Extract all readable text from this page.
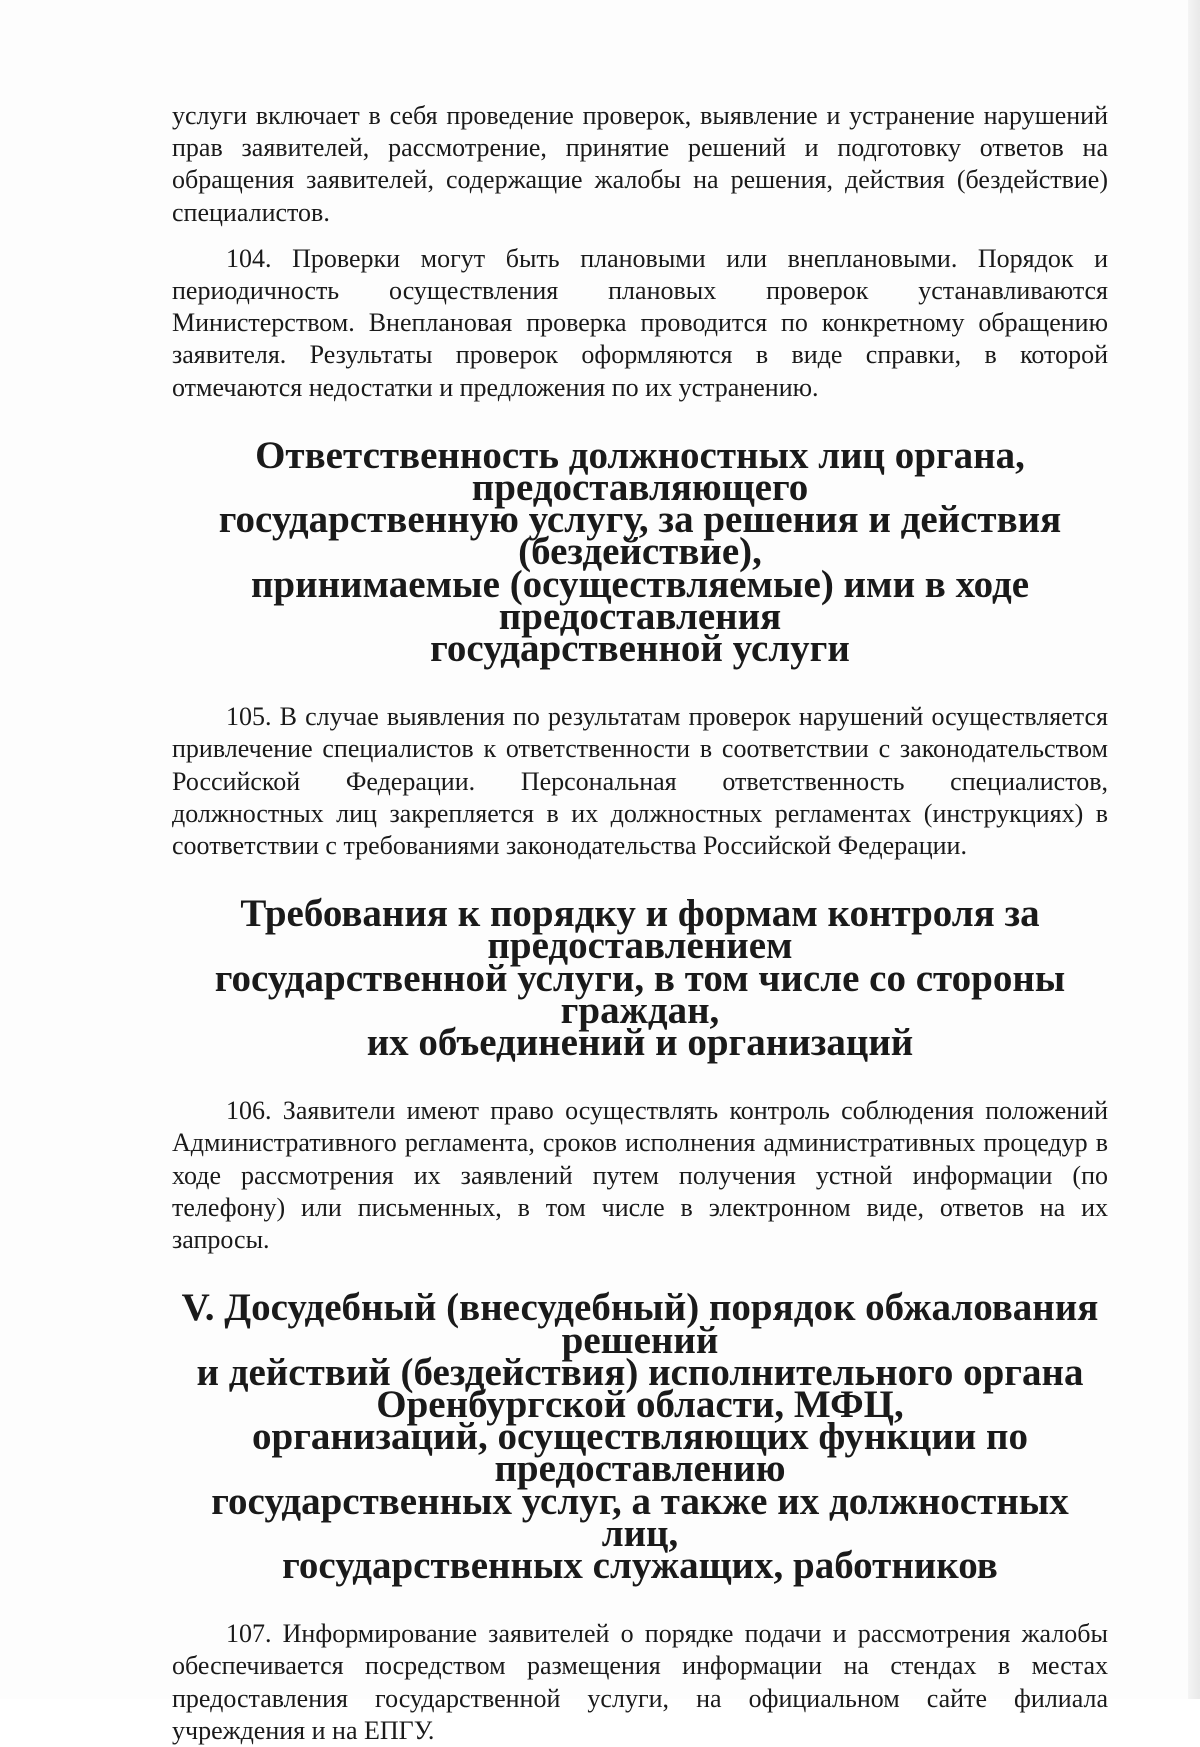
услуги включает в себя проведение проверок, выявление и устранение нарушений прав заявителей, рассмотрение, принятие решений и подготовку ответов на обращения заявителей, содержащие жалобы на решения, действия (бездействие) специалистов.

104. Проверки могут быть плановыми или внеплановыми. Порядок и периодичность осуществления плановых проверок устанавливаются Министерством. Внеплановая проверка проводится по конкретному обращению заявителя. Результаты проверок оформляются в виде справки, в которой отмечаются недостатки и предложения по их устранению.

Ответственность должностных лиц органа, предоставляющего
государственную услугу, за решения и действия (бездействие),
принимаемые (осуществляемые) ими в ходе предоставления
государственной услуги

105. В случае выявления по результатам проверок нарушений осуществляется привлечение специалистов к ответственности в соответствии с законодательством Российской Федерации. Персональная ответственность специалистов, должностных лиц закрепляется в их должностных регламентах (инструкциях) в соответствии с требованиями законодательства Российской Федерации.

Требования к порядку и формам контроля за предоставлением
государственной услуги, в том числе со стороны граждан,
их объединений и организаций

106. Заявители имеют право осуществлять контроль соблюдения положений Административного регламента, сроков исполнения административных процедур в ходе рассмотрения их заявлений путем получения устной информации (по телефону) или письменных, в том числе в электронном виде, ответов на их запросы.

V. Досудебный (внесудебный) порядок обжалования решений
и действий (бездействия) исполнительного органа
Оренбургской области, МФЦ,
организаций, осуществляющих функции по предоставлению
государственных услуг, а также их должностных лиц,
государственных служащих, работников

107. Информирование заявителей о порядке подачи и рассмотрения жалобы обеспечивается посредством размещения информации на стендах в местах предоставления государственной услуги, на официальном сайте филиала учреждения и на ЕПГУ.
